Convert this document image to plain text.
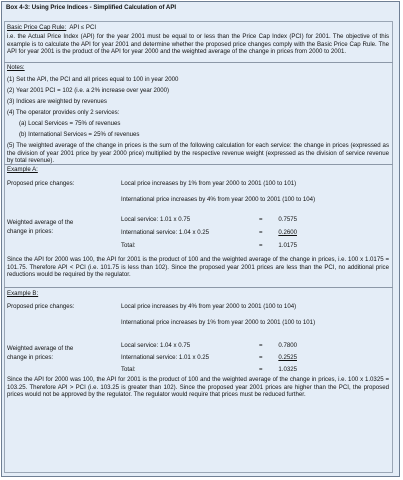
Box 4-3: Using Price Indices - Simplified Calculation of API
Basic Price Cap Rule: API ≤ PCI
i.e. the Actual Price Index (API) for the year 2001 must be equal to or less than the Price Cap Index (PCI) for 2001. The objective of this example is to calculate the API for year 2001 and determine whether the proposed price changes comply with the Basic Price Cap Rule. The API for year 2001 is the product of the API for year 2000 and the weighted average of the change in prices from 2000 to 2001.
Notes:
(1) Set the API, the PCI and all prices equal to 100 in year 2000
(2) Year 2001 PCI = 102 (i.e. a 2% increase over year 2000)
(3) Indices are weighted by revenues
(4) The operator provides only 2 services:
(a) Local Services = 75% of revenues
(b) International Services = 25% of revenues
(5) The weighted average of the change in prices is the sum of the following calculation for each service: the change in prices (expressed as the division of year 2001 price by year 2000 price) multiplied by the respective revenue weight (expressed as the division of service revenue by total revenue).
Example A:
Proposed price changes:	Local price increases by 1% from year 2000 to 2001 (100 to 101)
International price increases by 4% from year 2000 to 2001 (100 to 104)
Weighted average of the
change in prices:
Local service: 1.01 x 0.75	=	0.7575
International service: 1.04 x 0.25	=	0.2600
Total:	=	1.0175
Since the API for 2000 was 100, the API for 2001 is the product of 100 and the weighted average of the change in prices, i.e. 100 x 1.0175 = 101.75. Therefore API < PCI (i.e. 101.75 is less than 102). Since the proposed year 2001 prices are less than the PCI, no additional price reductions would be required by the regulator.
Example B:
Proposed price changes:	Local price increases by 4% from year 2000 to 2001 (100 to 104)
International price increases by 1% from year 2000 to 2001 (100 to 101)
Weighted average of the
change in prices:
Local service: 1.04 x 0.75	=	0.7800
International service: 1.01 x 0.25	=	0.2525
Total:	=	1.0325
Since the API for 2000 was 100, the API for 2001 is the product of 100 and the weighted average of the change in prices, i.e. 100 x 1.0325 = 103.25. Therefore API > PCI (i.e. 103.25 is greater than 102). Since the proposed year 2001 prices are higher than the PCI, the proposed prices would not be approved by the regulator. The regulator would require that prices must be reduced further.
